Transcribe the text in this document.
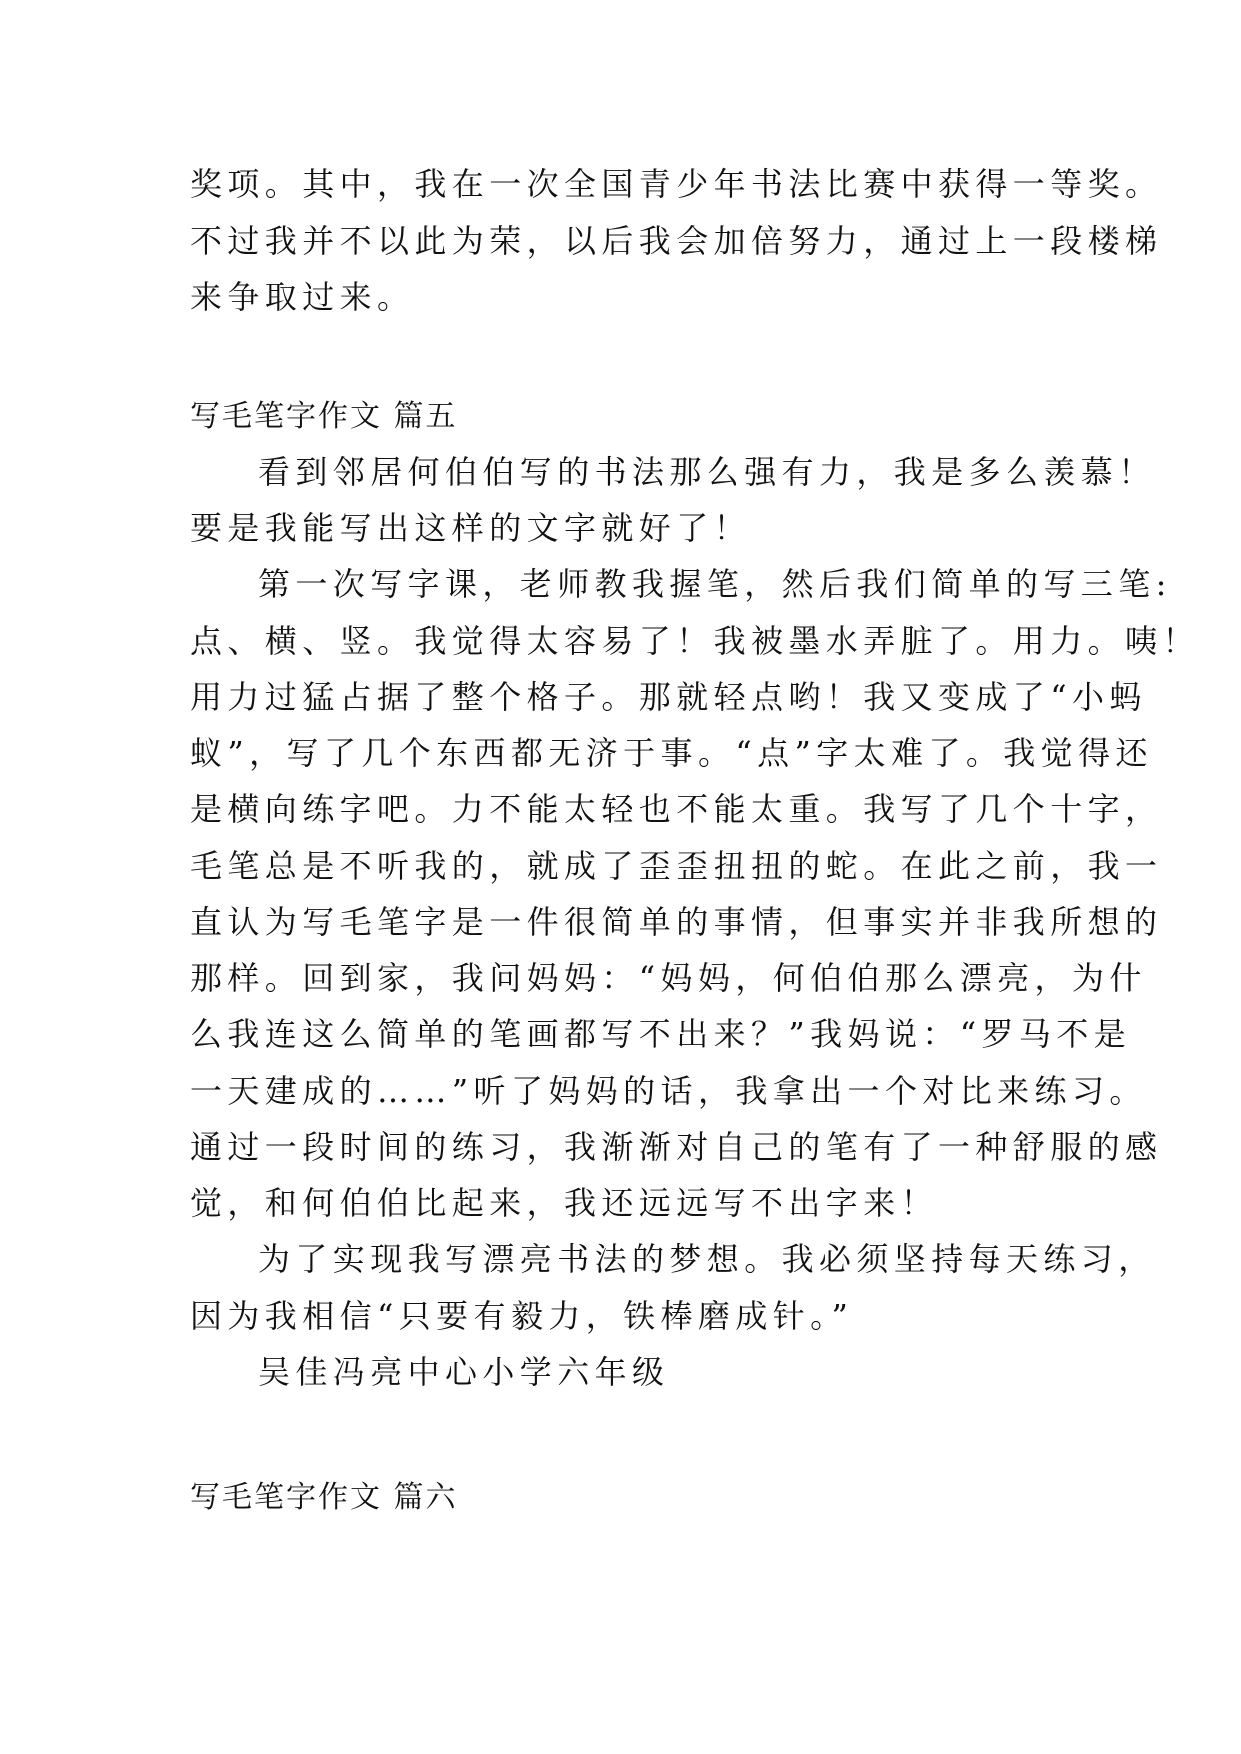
奖项。其中，我在一次全国青少年书法比赛中获得一等奖。
不过我并不以此为荣，以后我会加倍努力，通过上一段楼梯
来争取过来。
写毛笔字作文 篇五
看到邻居何伯伯写的书法那么强有力，我是多么羡慕！
要是我能写出这样的文字就好了！
第一次写字课，老师教我握笔，然后我们简单的写三笔:
点、横、竖。我觉得太容易了！我被墨水弄脏了。用力。咦！
用力过猛占据了整个格子。那就轻点哟！我又变成了“小蚂
蚁”，写了几个东西都无济于事。“点”字太难了。我觉得还
是横向练字吧。力不能太轻也不能太重。我写了几个十字，
毛笔总是不听我的，就成了歪歪扭扭的蛇。在此之前，我一
直认为写毛笔字是一件很简单的事情，但事实并非我所想的
那样。回到家，我问妈妈：“妈妈，何伯伯那么漂亮，为什
么我连这么简单的笔画都写不出来？”我妈说：“罗马不是
一天建成的……”听了妈妈的话，我拿出一个对比来练习。
通过一段时间的练习，我渐渐对自己的笔有了一种舒服的感
觉，和何伯伯比起来，我还远远写不出字来！
为了实现我写漂亮书法的梦想。我必须坚持每天练习，
因为我相信“只要有毅力，铁棒磨成针。”
吴佳冯亮中心小学六年级
写毛笔字作文 篇六
